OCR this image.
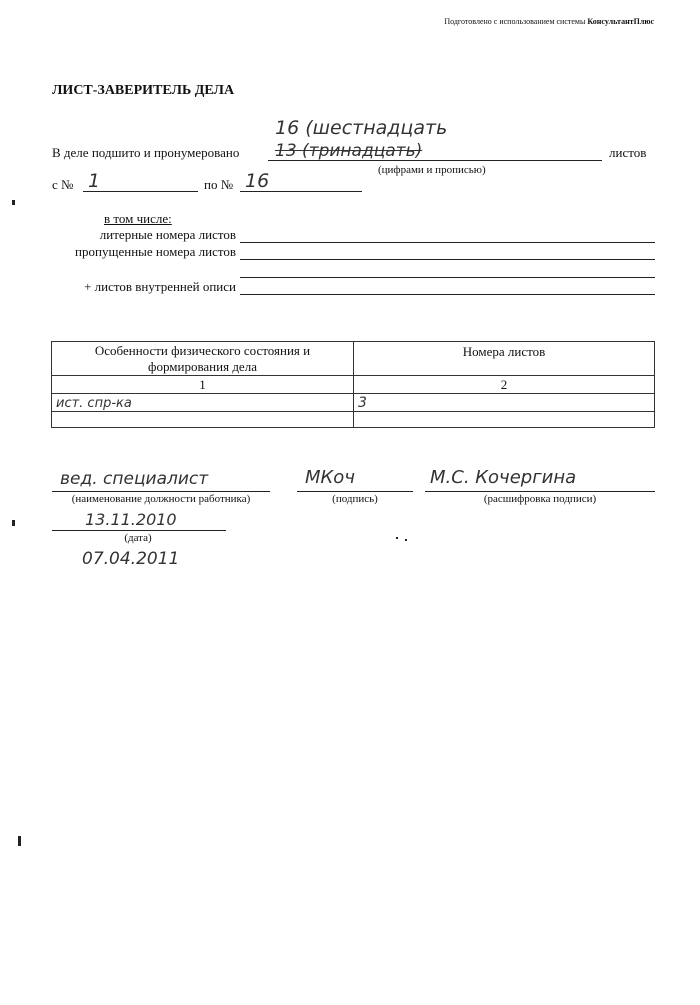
Подготовлено с использованием системы КонсультантПлюс
ЛИСТ-ЗАВЕРИТЕЛЬ ДЕЛА
В деле подшито и пронумеровано	листов
16 (шестнадцать
13 (тринадцать)
(цифрами и прописью)
с № 1	по № 16
в том числе:
литерные номера листов
пропущенные номера листов
+ листов внутренней описи
Особенности физического состояния и формирования дела	Номера листов
1	2
ист. спр-ка	3

вед. специалист
(наименование должности работника)
МКоч
(подпись)
М.С. Кочергина
(расшифровка подписи)
13.11.2010
(дата)
07.04.2011
